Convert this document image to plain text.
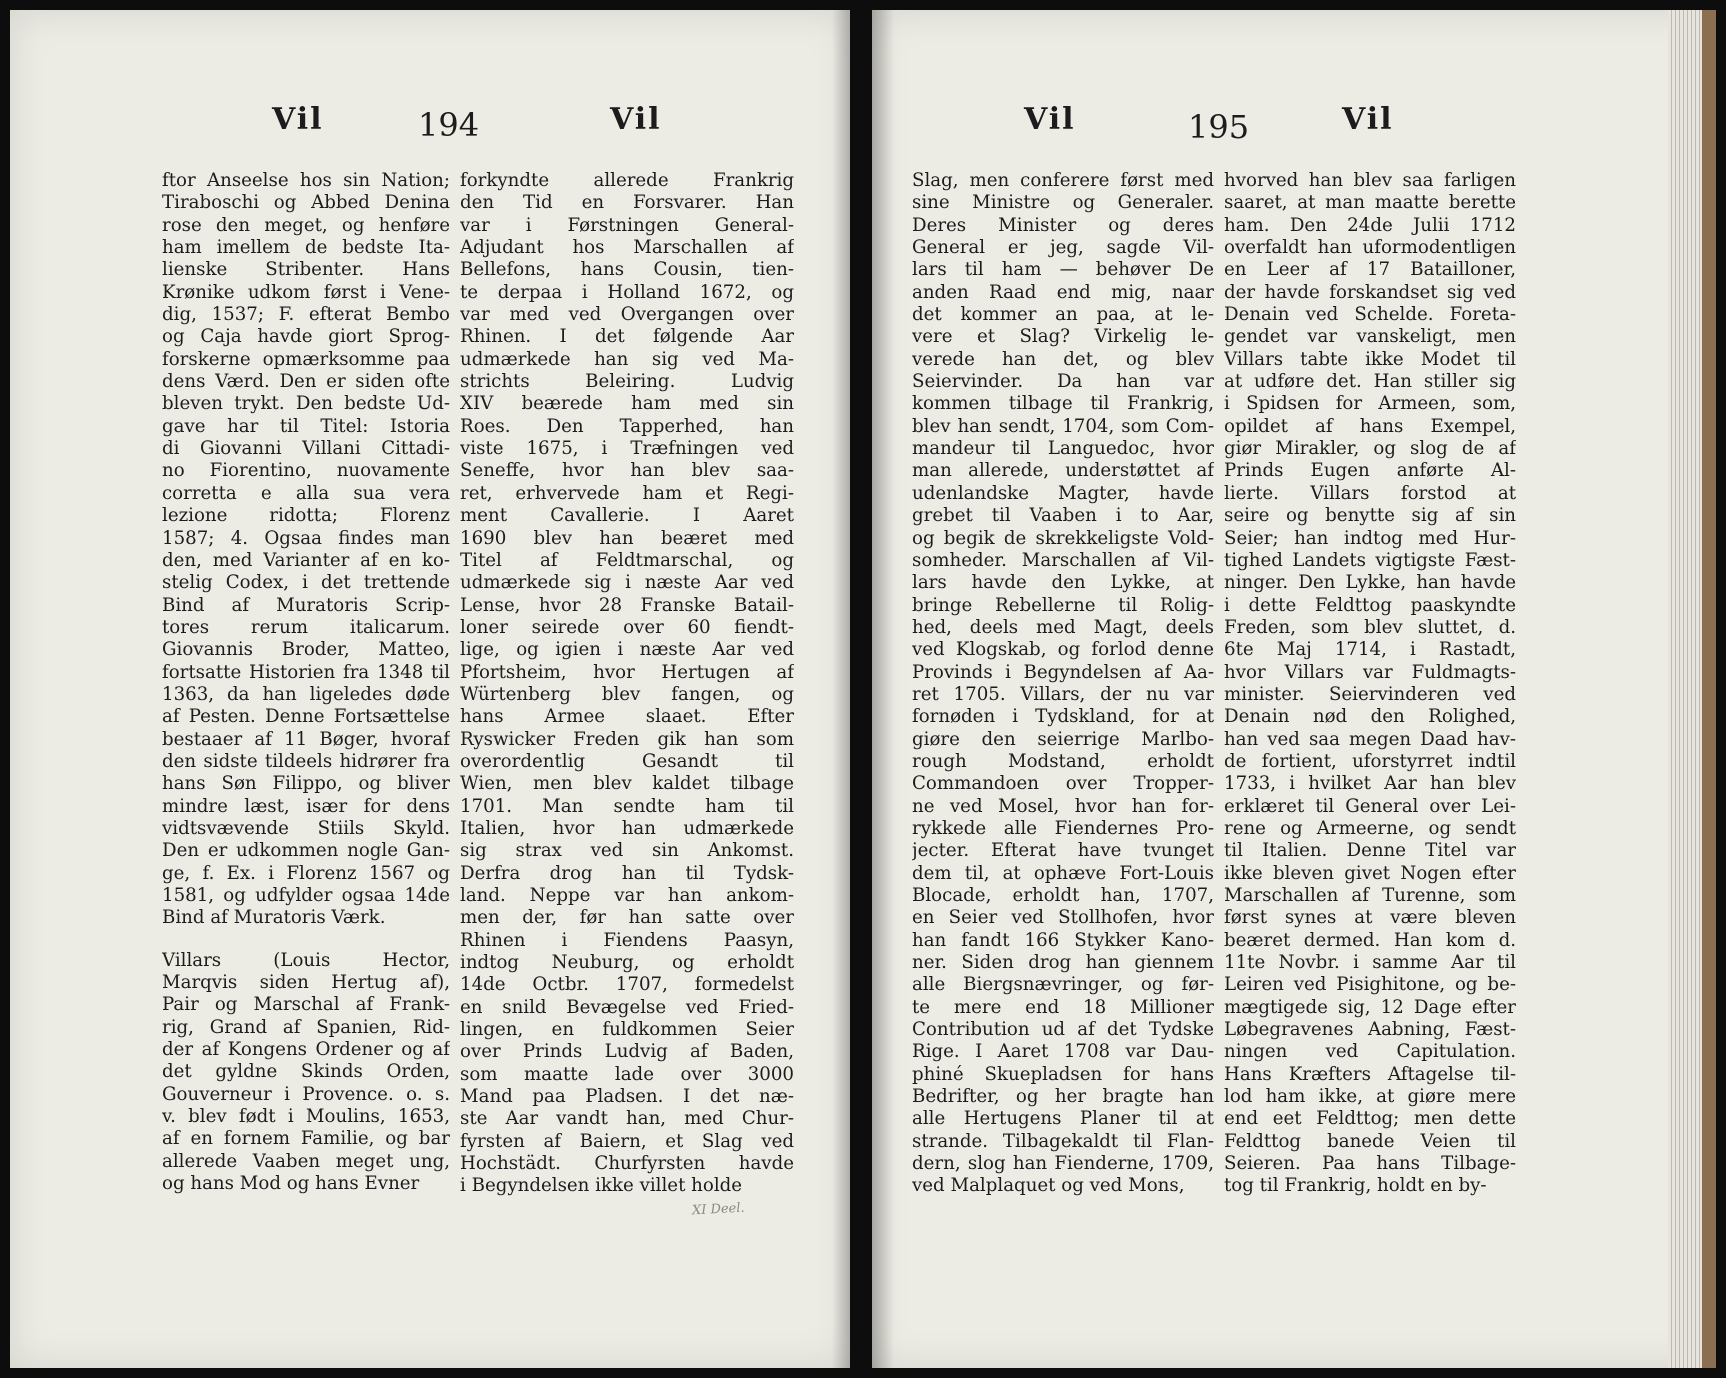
Vil	194	Vil
ftor Anseelse hos sin Nation;
Tiraboschi og Abbed Denina
rose den meget, og henføre
ham imellem de bedste Ita-
lienske Stribenter. Hans
Krønike udkom først i Vene-
dig, 1537; F. efterat Bembo
og Caja havde giort Sprog-
forskerne opmærksomme paa
dens Værd. Den er siden ofte
bleven trykt. Den bedste Ud-
gave har til Titel: Istoria
di Giovanni Villani Cittadi-
no Fiorentino, nuovamente
corretta e alla sua vera
lezione ridotta; Florenz
1587; 4. Ogsaa findes man
den, med Varianter af en ko-
stelig Codex, i det trettende
Bind af Muratoris Scrip-
tores rerum italicarum.
Giovannis Broder, Matteo,
fortsatte Historien fra 1348 til
1363, da han ligeledes døde
af Pesten. Denne Fortsættelse
bestaaer af 11 Bøger, hvoraf
den sidste tildeels hidrører fra
hans Søn Filippo, og bliver
mindre læst, især for dens
vidtsvævende Stiils Skyld.
Den er udkommen nogle Gan-
ge, f. Ex. i Florenz 1567 og
1581, og udfylder ogsaa 14de
Bind af Muratoris Værk.
Villars (Louis Hector,
Marqvis siden Hertug af),
Pair og Marschal af Frank-
rig, Grand af Spanien, Rid-
der af Kongens Ordener og af
det gyldne Skinds Orden,
Gouverneur i Provence. o. s.
v. blev født i Moulins, 1653,
af en fornem Familie, og bar
allerede Vaaben meget ung,
og hans Mod og hans Evner
forkyndte allerede Frankrig
den Tid en Forsvarer. Han
var i Førstningen General-
Adjudant hos Marschallen af
Bellefons, hans Cousin, tien-
te derpaa i Holland 1672, og
var med ved Overgangen over
Rhinen. I det følgende Aar
udmærkede han sig ved Ma-
strichts Beleiring. Ludvig
XIV beærede ham med sin
Roes. Den Tapperhed, han
viste 1675, i Træfningen ved
Seneffe, hvor han blev saa-
ret, erhvervede ham et Regi-
ment Cavallerie. I Aaret
1690 blev han beæret med
Titel af Feldtmarschal, og
udmærkede sig i næste Aar ved
Lense, hvor 28 Franske Batail-
loner seirede over 60 fiendt-
lige, og igien i næste Aar ved
Pfortsheim, hvor Hertugen af
Würtenberg blev fangen, og
hans Armee slaaet. Efter
Ryswicker Freden gik han som
overordentlig Gesandt til
Wien, men blev kaldet tilbage
1701. Man sendte ham til
Italien, hvor han udmærkede
sig strax ved sin Ankomst.
Derfra drog han til Tydsk-
land. Neppe var han ankom-
men der, før han satte over
Rhinen i Fiendens Paasyn,
indtog Neuburg, og erholdt
14de Octbr. 1707, formedelst
en snild Bevægelse ved Fried-
lingen, en fuldkommen Seier
over Prinds Ludvig af Baden,
som maatte lade over 3000
Mand paa Pladsen. I det næ-
ste Aar vandt han, med Chur-
fyrsten af Baiern, et Slag ved
Hochstädt. Churfyrsten havde
i Begyndelsen ikke villet holde
XI Deel.
Vil	195	Vil
Slag, men conferere først med
sine Ministre og Generaler.
Deres Minister og deres
General er jeg, sagde Vil-
lars til ham — behøver De
anden Raad end mig, naar
det kommer an paa, at le-
vere et Slag? Virkelig le-
verede han det, og blev
Seiervinder. Da han var
kommen tilbage til Frankrig,
blev han sendt, 1704, som Com-
mandeur til Languedoc, hvor
man allerede, understøttet af
udenlandske Magter, havde
grebet til Vaaben i to Aar,
og begik de skrekkeligste Vold-
somheder. Marschallen af Vil-
lars havde den Lykke, at
bringe Rebellerne til Rolig-
hed, deels med Magt, deels
ved Klogskab, og forlod denne
Provinds i Begyndelsen af Aa-
ret 1705. Villars, der nu var
fornøden i Tydskland, for at
giøre den seierrige Marlbo-
rough Modstand, erholdt
Commandoen over Tropper-
ne ved Mosel, hvor han for-
rykkede alle Fiendernes Pro-
jecter. Efterat have tvunget
dem til, at ophæve Fort-Louis
Blocade, erholdt han, 1707,
en Seier ved Stollhofen, hvor
han fandt 166 Stykker Kano-
ner. Siden drog han giennem
alle Biergsnævringer, og før-
te mere end 18 Millioner
Contribution ud af det Tydske
Rige. I Aaret 1708 var Dau-
phiné Skuepladsen for hans
Bedrifter, og her bragte han
alle Hertugens Planer til at
strande. Tilbagekaldt til Flan-
dern, slog han Fienderne, 1709,
ved Malplaquet og ved Mons,
hvorved han blev saa farligen
saaret, at man maatte berette
ham. Den 24de Julii 1712
overfaldt han uformodentligen
en Leer af 17 Batailloner,
der havde forskandset sig ved
Denain ved Schelde. Foreta-
gendet var vanskeligt, men
Villars tabte ikke Modet til
at udføre det. Han stiller sig
i Spidsen for Armeen, som,
opildet af hans Exempel,
giør Mirakler, og slog de af
Prinds Eugen anførte Al-
lierte. Villars forstod at
seire og benytte sig af sin
Seier; han indtog med Hur-
tighed Landets vigtigste Fæst-
ninger. Den Lykke, han havde
i dette Feldttog paaskyndte
Freden, som blev sluttet, d.
6te Maj 1714, i Rastadt,
hvor Villars var Fuldmagts-
minister. Seiervinderen ved
Denain nød den Rolighed,
han ved saa megen Daad hav-
de fortient, uforstyrret indtil
1733, i hvilket Aar han blev
erklæret til General over Lei-
rene og Armeerne, og sendt
til Italien. Denne Titel var
ikke bleven givet Nogen efter
Marschallen af Turenne, som
først synes at være bleven
beæret dermed. Han kom d.
11te Novbr. i samme Aar til
Leiren ved Pisighitone, og be-
mægtigede sig, 12 Dage efter
Løbegravenes Aabning, Fæst-
ningen ved Capitulation.
Hans Kræfters Aftagelse til-
lod ham ikke, at giøre mere
end eet Feldttog; men dette
Feldttog banede Veien til
Seieren. Paa hans Tilbage-
tog til Frankrig, holdt en by-
